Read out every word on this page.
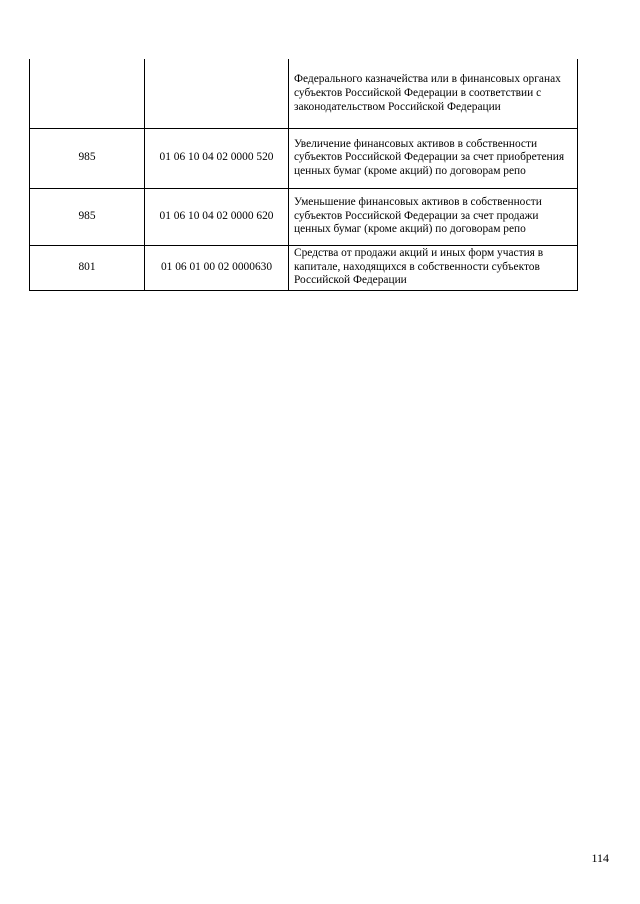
		Федерального казначейства или в финансовых органах субъектов Российской Федерации в соответствии с законодательством Российской Федерации
985	01 06 10 04 02 0000 520	Увеличение финансовых активов в собственности субъектов Российской Федерации за счет приобретения ценных бумаг (кроме акций) по договорам репо
985	01 06 10 04 02 0000 620	Уменьшение финансовых активов в собственности субъектов Российской Федерации за счет продажи ценных бумаг (кроме акций) по договорам репо
801	01 06 01 00 02 0000630	Средства от продажи акций и иных форм участия в капитале, находящихся в собственности субъектов Российской Федерации
114
